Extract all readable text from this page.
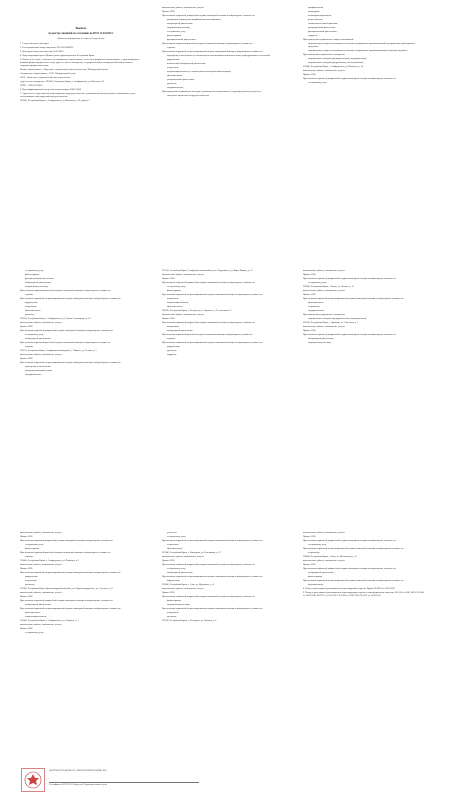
Выписка
из реестра лицензий по состоянию на 08:51 13.04.2020 г.
(Выписка формирована по запросу Сооружение)

1. Статус лицензии: действует

2. Регистрационный номер лицензии: ЛО-91-01-000976

3. Дата предоставления лицензии: 26.03.2020

4. Лицензирующий орган: Министерство здравоохранения Республики Крым

5. Полное и (в случае, если имеется) сокращенное наименование, в том числе фирменное наименование, и организационно-правовая форма юридического лица, адрес его места нахождения, государственный регистрационный номер записи о создании юридического лица:

Полное наименование - Общество с ограниченной ответственностью "Медицинский центр"

Сокращенное наименование - ООО "Медицинский центр"

ОПФ - Общество с ограниченной ответственностью

Адрес места нахождения - 295000, Республика Крым, г. Симферополь, ул. Киевская, 34

ОГРН - 1159102123456

6. Идентификационный номер налогоплательщика: 9102123456

7. Адреса мест осуществления лицензируемого вида деятельности с указанием выполняемых работ, оказываемых услуг, составляющих лицензируемый вид деятельности:

295000, Республика Крым, г. Симферополь, ул. Киевская, д. 34, корпус 1

выполняемые работы, оказываемые услуги:

Приказ: 0926

При оказании первичной доврачебной медико-санитарной помощи в амбулаторных условиях по:

вакцинации (проведению профилактических прививок);

лабораторной диагностике;

медицинскому массажу;

сестринскому делу;

физиотерапии;

функциональной диагностике;

При оказании первичной врачебной медико-санитарной помощи в амбулаторных условиях по:

терапии;

При оказании первичной специализированной медико-санитарной помощи в амбулаторных условиях по:

акушерству и гинекологии (за исключением использования вспомогательных репродуктивных технологий);

кардиологии;

клинической лабораторной диагностике;

неврологии;

оториноларингологии (за исключением кохлеарной имплантации);

офтальмологии;

ультразвуковой диагностике;

урологии;

эндокринологии;

При проведении медицинских экспертиз организуются и выполняются следующие работы (услуги) по:

экспертизе временной нетрудоспособности;

профпатологии;

психиатрии;

психиатрии-наркологии;

рентгенологии;

стоматологии общей практики;

ультразвуковой диагностике;

функциональной диагностике;

хирургии;

При проведении медицинских освидетельствований:

медицинскому освидетельствованию на наличие медицинских противопоказаний к управлению транспортным средством;

медицинскому освидетельствованию на наличие медицинских противопоказаний к владению оружием;

При проведении медицинских осмотров по:

медицинским осмотрам (предварительным, периодическим);

медицинским осмотрам (предрейсовым, послерейсовым);

295000, Республика Крым, г. Симферополь, ул. Киевская, д. 34

выполняемые работы, оказываемые услуги:

Приказ: 0926

При оказании первичной доврачебной медико-санитарной помощи в амбулаторных условиях по:

сестринскому делу;

сестринскому делу;

физиотерапии;

функциональной диагностике;

лабораторной диагностике;

медицинскому массажу;

При оказании первичной врачебной медико-санитарной помощи в амбулаторных условиях по:

терапии;

При оказании первичной специализированной медико-санитарной помощи в амбулаторных условиях по:

кардиологии;

неврологии;

офтальмологии;

урологии;

295034, Республика Крым, г. Симферополь, ул. Героев Сталинграда, д. 10

выполняемые работы, оказываемые услуги:

Приказ: 0926

При оказании первичной доврачебной медико-санитарной помощи в амбулаторных условиях по:

сестринскому делу;

лабораторной диагностике;

При оказании первичной врачебной медико-санитарной помощи в амбулаторных условиях по:

терапии;

295011, Республика Крым, Симферопольский район, с. Мирное, ул. Белова, д. 5

выполняемые работы, оказываемые услуги:

Приказ: 0926

При оказании первичной специализированной медико-санитарной помощи в амбулаторных условиях по:

акушерству и гинекологии;

ультразвуковой диагностике;

эндокринологии;

297510, Республика Крым, Симферопольский район, пгт. Гвардейское, ул. Карла Маркса, д. 12

выполняемые работы, оказываемые услуги:

Приказ: 0926

При оказании первичной доврачебной медико-санитарной помощи в амбулаторных условиях по:

сестринскому делу;

физиотерапии;

При оказании первичной специализированной медико-санитарной помощи в амбулаторных условиях по:

неврологии;

оториноларингологии;

офтальмологии;

298100, Республика Крым, г. Феодосия, ул. Горького, д. 20, помещение 3

выполняемые работы, оказываемые услуги:

Приказ: 0926

При оказании первичной доврачебной медико-санитарной помощи в амбулаторных условиях по:

вакцинации;

лабораторной диагностике;

При оказании первичной врачебной медико-санитарной помощи в амбулаторных условиях по:

терапии;

При оказании первичной специализированной медико-санитарной помощи в амбулаторных условиях по:

кардиологии;

урологии;

хирургии;

выполняемые работы, оказываемые услуги:

Приказ: 0926

При оказании первичной доврачебной медико-санитарной помощи в амбулаторных условиях по:

сестринскому делу;

298300, Республика Крым, г. Керчь, ул. Ленина, д. 15

выполняемые работы, оказываемые услуги:

Приказ: 0926

При оказании первичной специализированной медико-санитарной помощи в амбулаторных условиях по:

офтальмологии;

неврологии;

эндокринологии;

При проведении медицинских осмотров по:

медицинским осмотрам (предварительным, периодическим);

296100, Республика Крым, г. Джанкой, ул. Советская, д. 7

выполняемые работы, оказываемые услуги:

Приказ: 0926

При оказании первичной доврачебной медико-санитарной помощи в амбулаторных условиях по:

лабораторной диагностике;

медицинскому массажу;

выполняемые работы, оказываемые услуги:

Приказ: 0926

При оказании первичной доврачебной медико-санитарной помощи в амбулаторных условиях по:

сестринскому делу;

физиотерапии;

При оказании первичной врачебной медико-санитарной помощи в амбулаторных условиях по:

терапии;

295000, Республика Крым, г. Симферополь, ул. Пушкина, д. 3

выполняемые работы, оказываемые услуги:

Приказ: 0926

При оказании первичной специализированной медико-санитарной помощи в амбулаторных условиях по:

кардиологии;

неврологии;

урологии;

297000, Республика Крым, Красногвардейский район, пгт. Красногвардейское, ул. Энгельса, д. 9

выполняемые работы, оказываемые услуги:

Приказ: 0926

При оказании первичной доврачебной медико-санитарной помощи в амбулаторных условиях по:

лабораторной диагностике;

При оказании первичной специализированной медико-санитарной помощи в амбулаторных условиях по:

офтальмологии;

оториноларингологии;

295000, Республика Крым, г. Симферополь, ул. Горького, д. 1

выполняемые работы, оказываемые услуги:

Приказ: 0926

сестринскому делу;

услуги по:

сестринскому делу;

При оказании первичной специализированной медико-санитарной помощи в амбулаторных условиях по:

неврологии;

офтальмологии;

297400, Республика Крым, г. Евпатория, ул. Революции, д. 22

выполняемые работы, оказываемые услуги:

Приказ: 0926

При оказании первичной доврачебной медико-санитарной помощи в амбулаторных условиях по:

сестринскому делу;

лабораторной диагностике;

При оказании первичной специализированной медико-санитарной помощи в амбулаторных условиях по:

кардиологии;

296500, Республика Крым, г. Саки, ул. Курортная, д. 4

выполняемые работы, оказываемые услуги:

Приказ: 0926

При оказании первичной доврачебной медико-санитарной помощи в амбулаторных условиях по:

физиотерапии;

медицинскому массажу;

При оказании первичной специализированной медико-санитарной помощи в амбулаторных условиях по:

неврологии;

урологии;

297200, Республика Крым, г. Белогорск, ул. Луговая, д. 6

выполняемые работы, оказываемые услуги:

Приказ: 0926

При оказании первичной доврачебной медико-санитарной помощи в амбулаторных условиях по:

сестринскому делу;

При оказании первичной специализированной медико-санитарной помощи в амбулаторных условиях по:

неврологии;

298600, Республика Крым, г. Ялта, ул. Московская, д. 11

выполняемые работы, оказываемые услуги:

Приказ: 0926

При оказании первичной доврачебной медико-санитарной помощи в амбулаторных условиях по:

лабораторной диагностике;

физиотерапии;

При оказании первичной специализированной медико-санитарной помощи в амбулаторных условиях по:

офтальмологии;

8. Номер и дата приказа (распоряжения) лицензирующего органа: Приказ № 0926 от 26.03.2020

9. Номер и дата приказа (распоряжения) лицензирующего органа о переоформлении лицензии: № 0118 от 24.01.2019; № 0344 от 19.03.2018; № 0572 от 12.05.2017; № 0760 от 29.07.2016; № 0911 от 15.09.2015

ДОКУМЕНТ ПОДПИСАН ЭЛЕКТРОННОЙ ПОДПИСЬЮ
Сертификат: 01D5F2A3 Владелец: Территориальный орган
